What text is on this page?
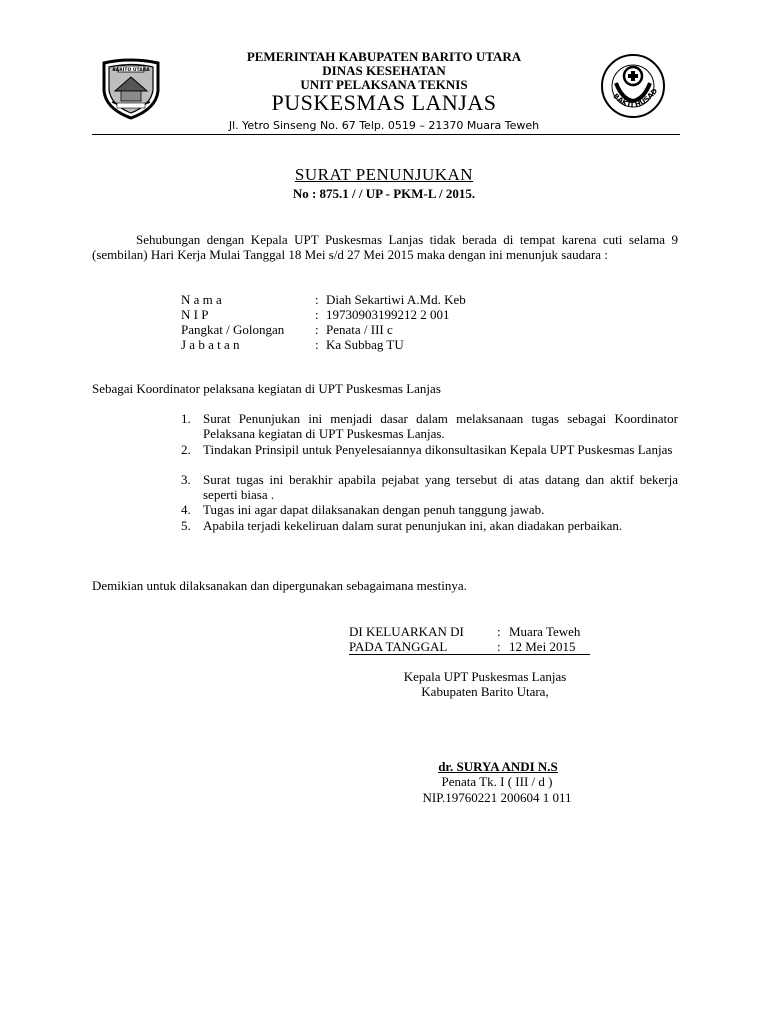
BARITO UTARA
BAKTI HUSAD
PEMERINTAH KABUPATEN BARITO UTARA
DINAS KESEHATAN
UNIT PELAKSANA TEKNIS
PUSKESMAS LANJAS
Jl. Yetro Sinseng No. 67 Telp. 0519 – 21370 Muara Teweh
SURAT PENUNJUKAN
No : 875.1 / / UP - PKM-L / 2015.
Sehubungan dengan Kepala UPT Puskesmas Lanjas tidak berada di tempat karena cuti selama 9 (sembilan) Hari Kerja Mulai Tanggal 18 Mei s/d 27 Mei 2015 maka dengan ini menunjuk saudara :
N a m a	: Diah Sekartiwi A.Md. Keb
N I P	: 19730903199212 2 001
Pangkat / Golongan : Penata / III c
J a b a t a n	: Ka Subbag TU
Sebagai Koordinator pelaksana kegiatan di UPT Puskesmas Lanjas
1. Surat Penunjukan ini menjadi dasar dalam melaksanaan tugas sebagai Koordinator Pelaksana kegiatan di UPT Puskesmas Lanjas.
2. Tindakan Prinsipil untuk Penyelesaiannya dikonsultasikan Kepala UPT Puskesmas Lanjas
3. Surat tugas ini berakhir apabila pejabat yang tersebut di atas datang dan aktif bekerja seperti biasa .
4. Tugas ini agar dapat dilaksanakan dengan penuh tanggung jawab.
5. Apabila terjadi kekeliruan dalam surat penunjukan ini, akan diadakan perbaikan.
Demikian untuk dilaksanakan dan dipergunakan sebagaimana mestinya.
DI KELUARKAN DI	: Muara Teweh
PADA TANGGAL	: 12 Mei 2015
Kepala UPT Puskesmas Lanjas
Kabupaten Barito Utara,
dr. SURYA ANDI N.S
Penata Tk. I ( III / d )
NIP.19760221 200604 1 011
